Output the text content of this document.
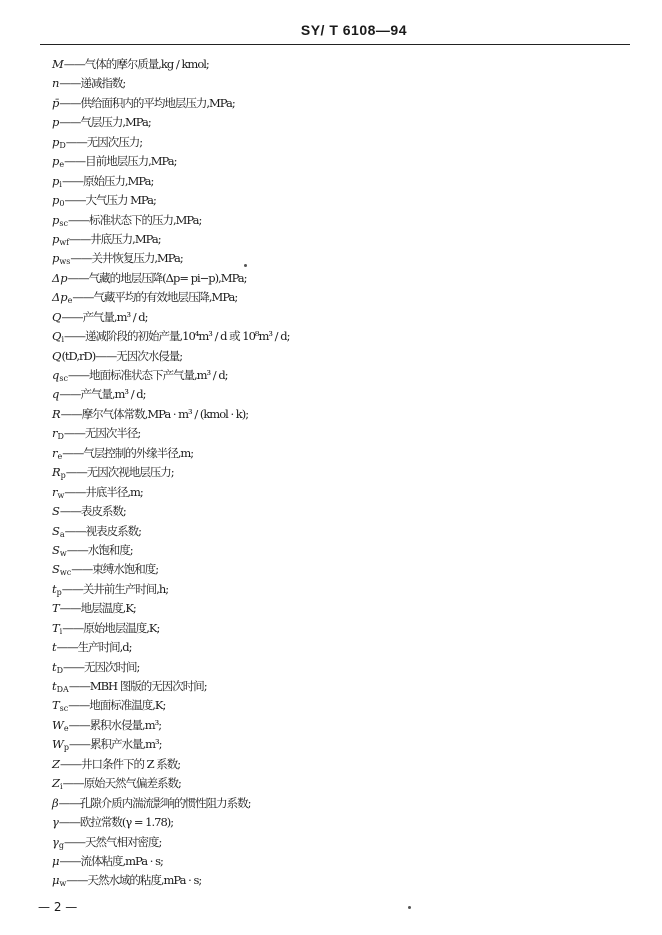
SY/ T 6108—94
M——气体的摩尔质量,kg / kmol;
n——递减指数;
p̄——供给面积内的平均地层压力,MPa;
p——气层压力,MPa;
$p_D——$无因次压力;
$p_e——$目前地层压力,MPa;
$p_i——$原始压力,MPa;
$p_0——$大气压力 MPa;
$p_{sc}——$标准状态下的压力,MPa;
$p_{wf}——$井底压力,MPa;
$p_{ws}——$关井恢复压力,MPa;
Δp——气藏的地层压降(Δp= pi−p),MPa;
$\Delta p_e——$气藏平均的有效地层压降,MPa;
Q——产气量,m³ / d;
$Q_i——$递减阶段的初始产量,10⁴m³ / d 或 10⁸m³ / d;
Q(tD,rD)——无因次水侵量;
$q_{sc}——$地面标准状态下产气量,m³ / d;
q——产气量,m³ / d;
R——摩尔气体常数,MPa · m³ / (kmol · k);
$r_D——$无因次半径;
$r_e——$气层控制的外缘半径,m;
$R_p——$无因次视地层压力;
$r_w——$井底半径,m;
S——表皮系数;
$S_a——$视表皮系数;
$S_w——$水饱和度;
$S_{wc}——$束缚水饱和度;
$t_p——$关井前生产时间,h;
T——地层温度,K;
$T_i——$原始地层温度,K;
t——生产时间,d;
$t_D——$无因次时间;
$t_{DA}——MBH$ 图版的无因次时间;
$T_{sc}——$地面标准温度,K;
$W_e——$累积水侵量,m³;
$W_p——$累积产水量,m³;
Z——井口条件下的 Z 系数;
$Z_i——$原始天然气偏差系数;
β——孔隙介质内湍流影响的惯性阻力系数;
γ——欧拉常数(γ = 1.78);
$\gamma_g——$天然气相对密度;
μ——流体粘度,mPa · s;
$\mu_w——$天然水域的粘度,mPa · s;
— 2 —
